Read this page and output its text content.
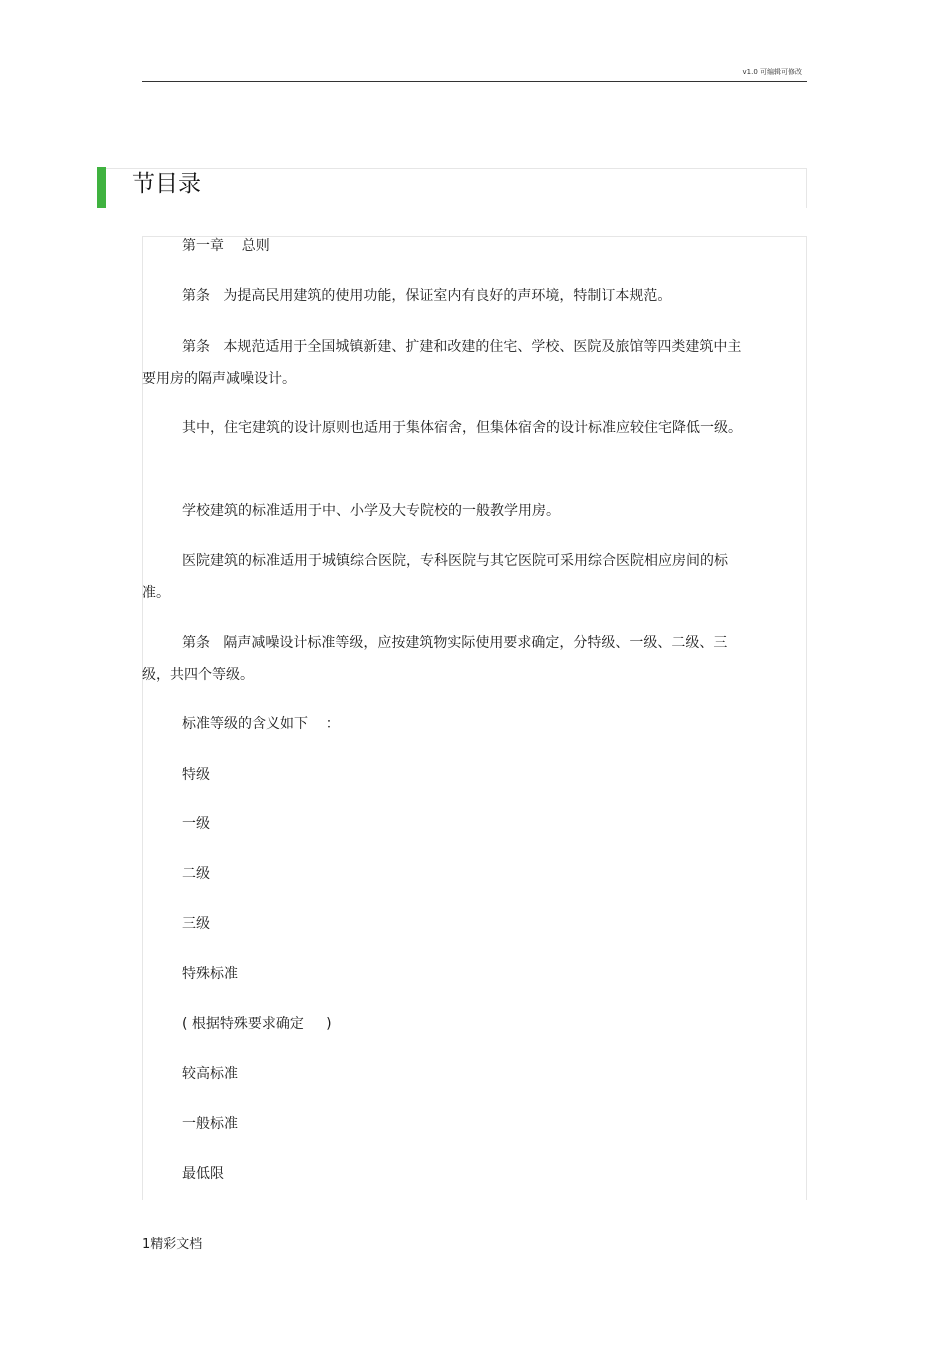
v1.0 可编辑可修改
节目录
第一章    总则
第条   为提高民用建筑的使用功能，保证室内有良好的声环境，特制订本规范。
第条   本规范适用于全国城镇新建、扩建和改建的住宅、学校、医院及旅馆等四类建筑中主要用房的隔声减噪设计。
其中，住宅建筑的设计原则也适用于集体宿舍，但集体宿舍的设计标准应较住宅降低一级。
学校建筑的标准适用于中、小学及大专院校的一般教学用房。
医院建筑的标准适用于城镇综合医院，专科医院与其它医院可采用综合医院相应房间的标准。
第条   隔声减噪设计标准等级，应按建筑物实际使用要求确定，分特级、一级、二级、三级，共四个等级。
标准等级的含义如下    ：
特级
一级
二级
三级
特殊标准
( 根据特殊要求确定     )
较高标准
一般标准
最低限
1精彩文档
